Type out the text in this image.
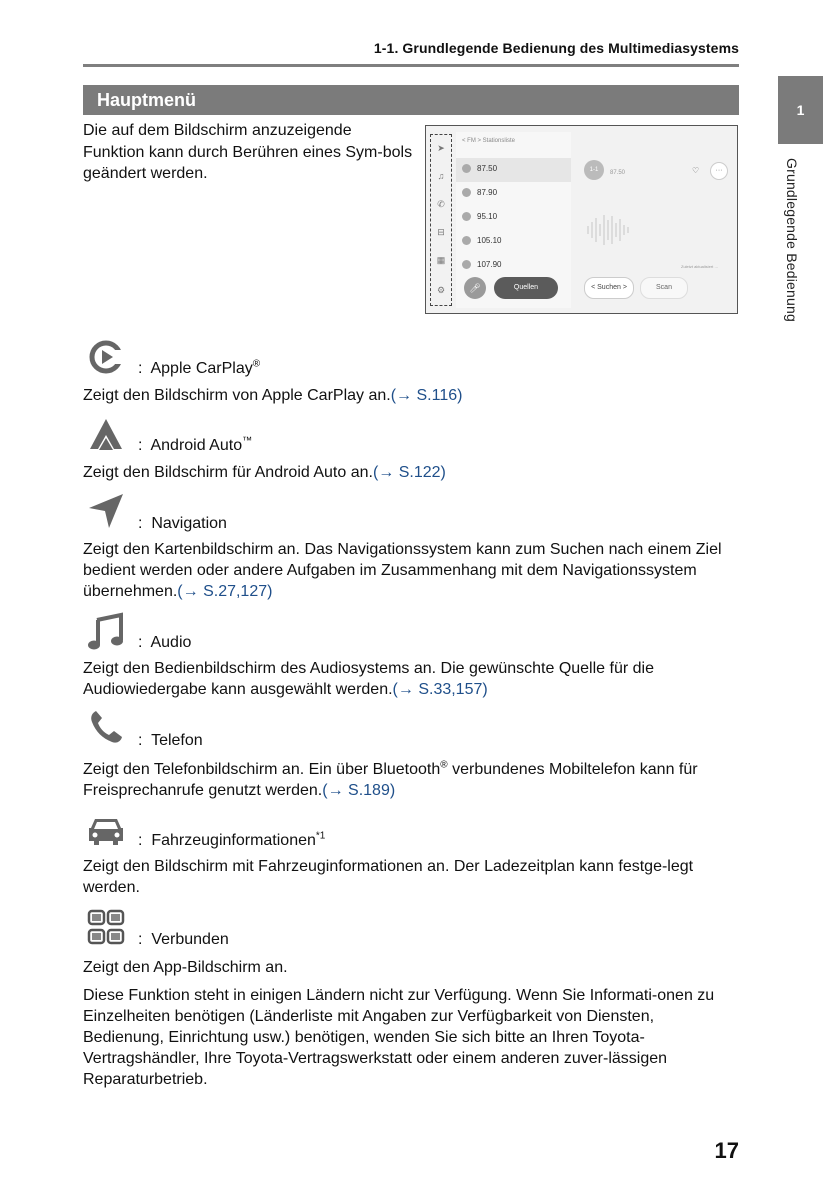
1-1. Grundlegende Bedienung des Multimediasystems
1
Grundlegende Bedienung
Hauptmenü
Die auf dem Bildschirm anzuzeigende Funktion kann durch Berühren eines Sym-bols geändert werden.
➤
♫
✆
⊟
▦
⚙
< FM > Stationsliste
87.50
87.90
95.10
105.10
107.90
🎤︎	Quellen
1-1	87.50	♡	···
Zuletzt aktualisiert …
< Suchen >	Scan
: Apple CarPlay®
Zeigt den Bildschirm von Apple CarPlay an.(→ S.116)
: Android Auto™
Zeigt den Bildschirm für Android Auto an.(→ S.122)
: Navigation
Zeigt den Kartenbildschirm an. Das Navigationssystem kann zum Suchen nach einem Ziel bedient werden oder andere Aufgaben im Zusammenhang mit dem Navigationssystem übernehmen.(→ S.27,127)
: Audio
Zeigt den Bedienbildschirm des Audiosystems an. Die gewünschte Quelle für die Audiowiedergabe kann ausgewählt werden.(→ S.33,157)
: Telefon
Zeigt den Telefonbildschirm an. Ein über Bluetooth® verbundenes Mobiltelefon kann für Freisprechanrufe genutzt werden.(→ S.189)
: Fahrzeuginformationen$^{*1}$
Zeigt den Bildschirm mit Fahrzeuginformationen an. Der Ladezeitplan kann festge-legt werden.
: Verbunden
Zeigt den App-Bildschirm an.
Diese Funktion steht in einigen Ländern nicht zur Verfügung. Wenn Sie Informati-onen zu Einzelheiten benötigen (Länderliste mit Angaben zur Verfügbarkeit von Diensten, Bedienung, Einrichtung usw.) benötigen, wenden Sie sich bitte an Ihren Toyota-Vertragshändler, Ihre Toyota-Vertragswerkstatt oder einem anderen zuver-lässigen Reparaturbetrieb.
17
